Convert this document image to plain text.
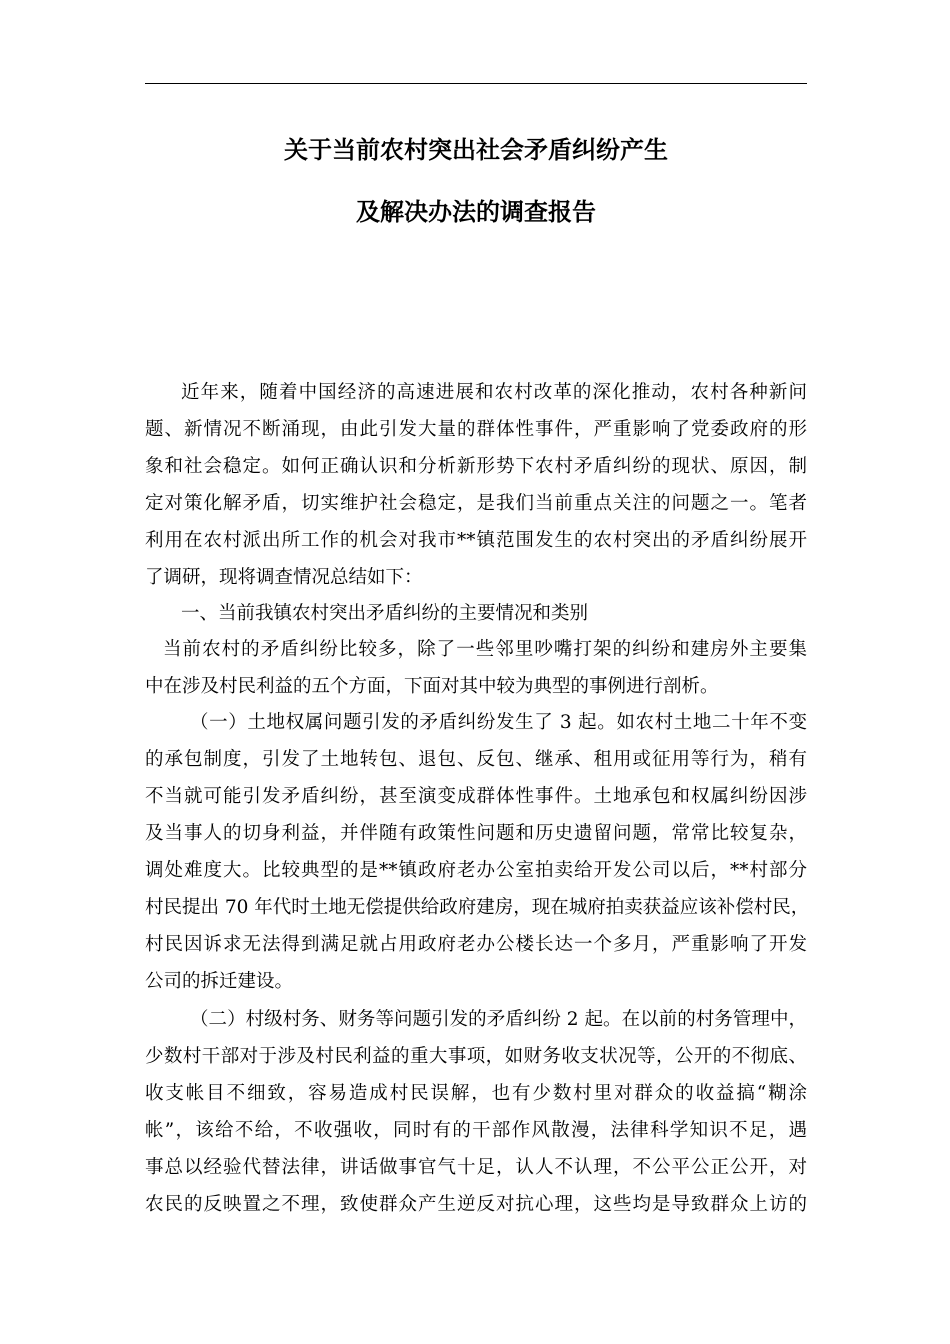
关于当前农村突出社会矛盾纠纷产生
及解决办法的调查报告
近年来，随着中国经济的高速进展和农村改革的深化推动，农村各种新问
题、新情况不断涌现，由此引发大量的群体性事件，严重影响了党委政府的形
象和社会稳定。如何正确认识和分析新形势下农村矛盾纠纷的现状、原因，制
定对策化解矛盾，切实维护社会稳定，是我们当前重点关注的问题之一。笔者
利用在农村派出所工作的机会对我市**镇范围发生的农村突出的矛盾纠纷展开
了调研，现将调查情况总结如下：
一、当前我镇农村突出矛盾纠纷的主要情况和类别
当前农村的矛盾纠纷比较多，除了一些邻里吵嘴打架的纠纷和建房外主要集
中在涉及村民利益的五个方面，下面对其中较为典型的事例进行剖析。
（一）土地权属问题引发的矛盾纠纷发生了 3 起。如农村土地二十年不变
的承包制度，引发了土地转包、退包、反包、继承、租用或征用等行为，稍有
不当就可能引发矛盾纠纷，甚至演变成群体性事件。土地承包和权属纠纷因涉
及当事人的切身利益，并伴随有政策性问题和历史遗留问题，常常比较复杂，
调处难度大。比较典型的是**镇政府老办公室拍卖给开发公司以后，**村部分
村民提出 70 年代时土地无偿提供给政府建房，现在城府拍卖获益应该补偿村民，
村民因诉求无法得到满足就占用政府老办公楼长达一个多月，严重影响了开发
公司的拆迁建设。
（二）村级村务、财务等问题引发的矛盾纠纷 2 起。在以前的村务管理中，
少数村干部对于涉及村民利益的重大事项，如财务收支状况等，公开的不彻底、
收支帐目不细致，容易造成村民误解，也有少数村里对群众的收益搞“糊涂
帐”，该给不给，不收强收，同时有的干部作风散漫，法律科学知识不足，遇
事总以经验代替法律，讲话做事官气十足，认人不认理，不公平公正公开，对
农民的反映置之不理，致使群众产生逆反对抗心理，这些均是导致群众上访的
